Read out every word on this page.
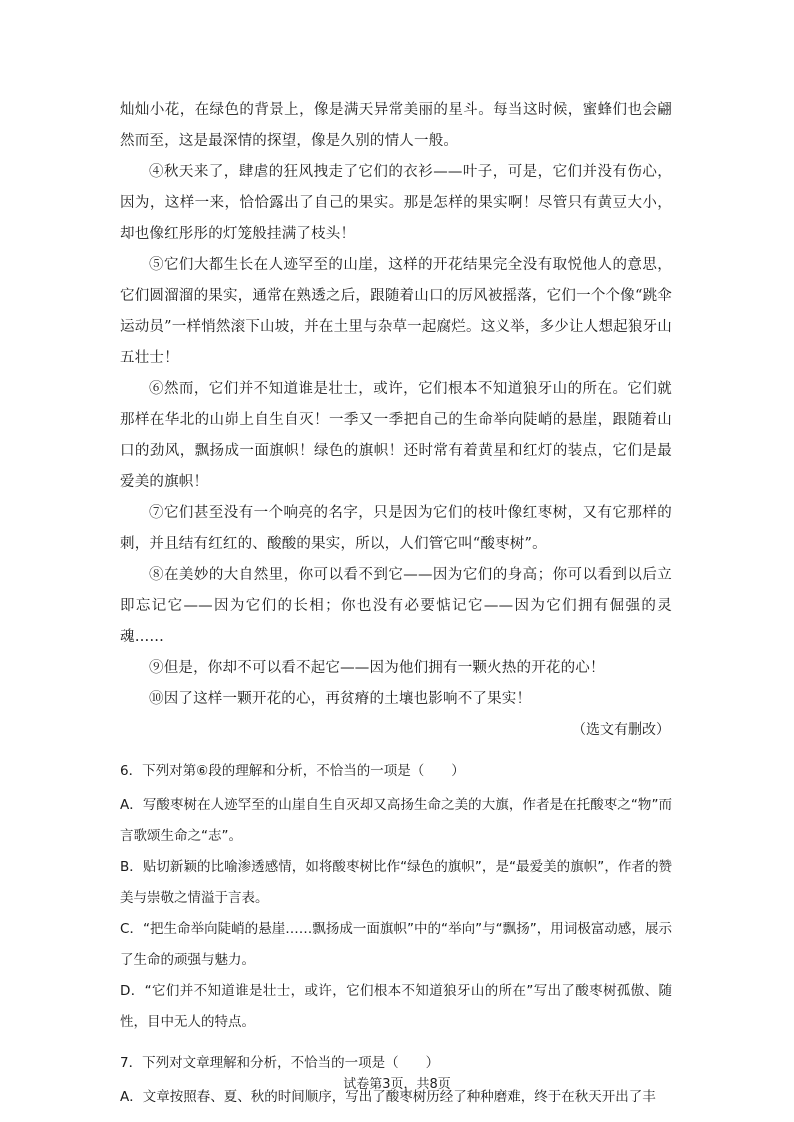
灿灿小花，在绿色的背景上，像是满天异常美丽的星斗。每当这时候，蜜蜂们也会翩然而至，这是最深情的探望，像是久别的情人一般。

④秋天来了，肆虐的狂风拽走了它们的衣衫——叶子，可是，它们并没有伤心，因为，这样一来，恰恰露出了自己的果实。那是怎样的果实啊！尽管只有黄豆大小，却也像红彤彤的灯笼般挂满了枝头！

⑤它们大都生长在人迹罕至的山崖，这样的开花结果完全没有取悦他人的意思，它们圆溜溜的果实，通常在熟透之后，跟随着山口的厉风被摇落，它们一个个像“跳伞运动员”一样悄然滚下山坡，并在土里与杂草一起腐烂。这义举，多少让人想起狼牙山五壮士！

⑥然而，它们并不知道谁是壮士，或许，它们根本不知道狼牙山的所在。它们就那样在华北的山峁上自生自灭！一季又一季把自己的生命举向陡峭的悬崖，跟随着山口的劲风，飘扬成一面旗帜！绿色的旗帜！还时常有着黄星和红灯的装点，它们是最爱美的旗帜！

⑦它们甚至没有一个响亮的名字，只是因为它们的枝叶像红枣树，又有它那样的刺，并且结有红红的、酸酸的果实，所以，人们管它叫“酸枣树”。

⑧在美妙的大自然里，你可以看不到它——因为它们的身高；你可以看到以后立即忘记它——因为它们的长相；你也没有必要惦记它——因为它们拥有倔强的灵魂……

⑨但是，你却不可以看不起它——因为他们拥有一颗火热的开花的心！

⑩因了这样一颗开花的心，再贫瘠的土壤也影响不了果实！

（选文有删改）

6．下列对第⑥段的理解和分析，不恰当的一项是（　　）

A．写酸枣树在人迹罕至的山崖自生自灭却又高扬生命之美的大旗，作者是在托酸枣之“物”而言歌颂生命之“志”。

B．贴切新颖的比喻渗透感情，如将酸枣树比作“绿色的旗帜”，是“最爱美的旗帜”，作者的赞美与崇敬之情溢于言表。

C．“把生命举向陡峭的悬崖……飘扬成一面旗帜”中的“举向”与“飘扬”，用词极富动感，展示了生命的顽强与魅力。

D．“它们并不知道谁是壮士，或许，它们根本不知道狼牙山的所在”写出了酸枣树孤傲、随性，目中无人的特点。

7．下列对文章理解和分析，不恰当的一项是（　　）

A．文章按照春、夏、秋的时间顺序，写出了酸枣树历经了种种磨难，终于在秋天开出了丰

试卷第3页，共8页
